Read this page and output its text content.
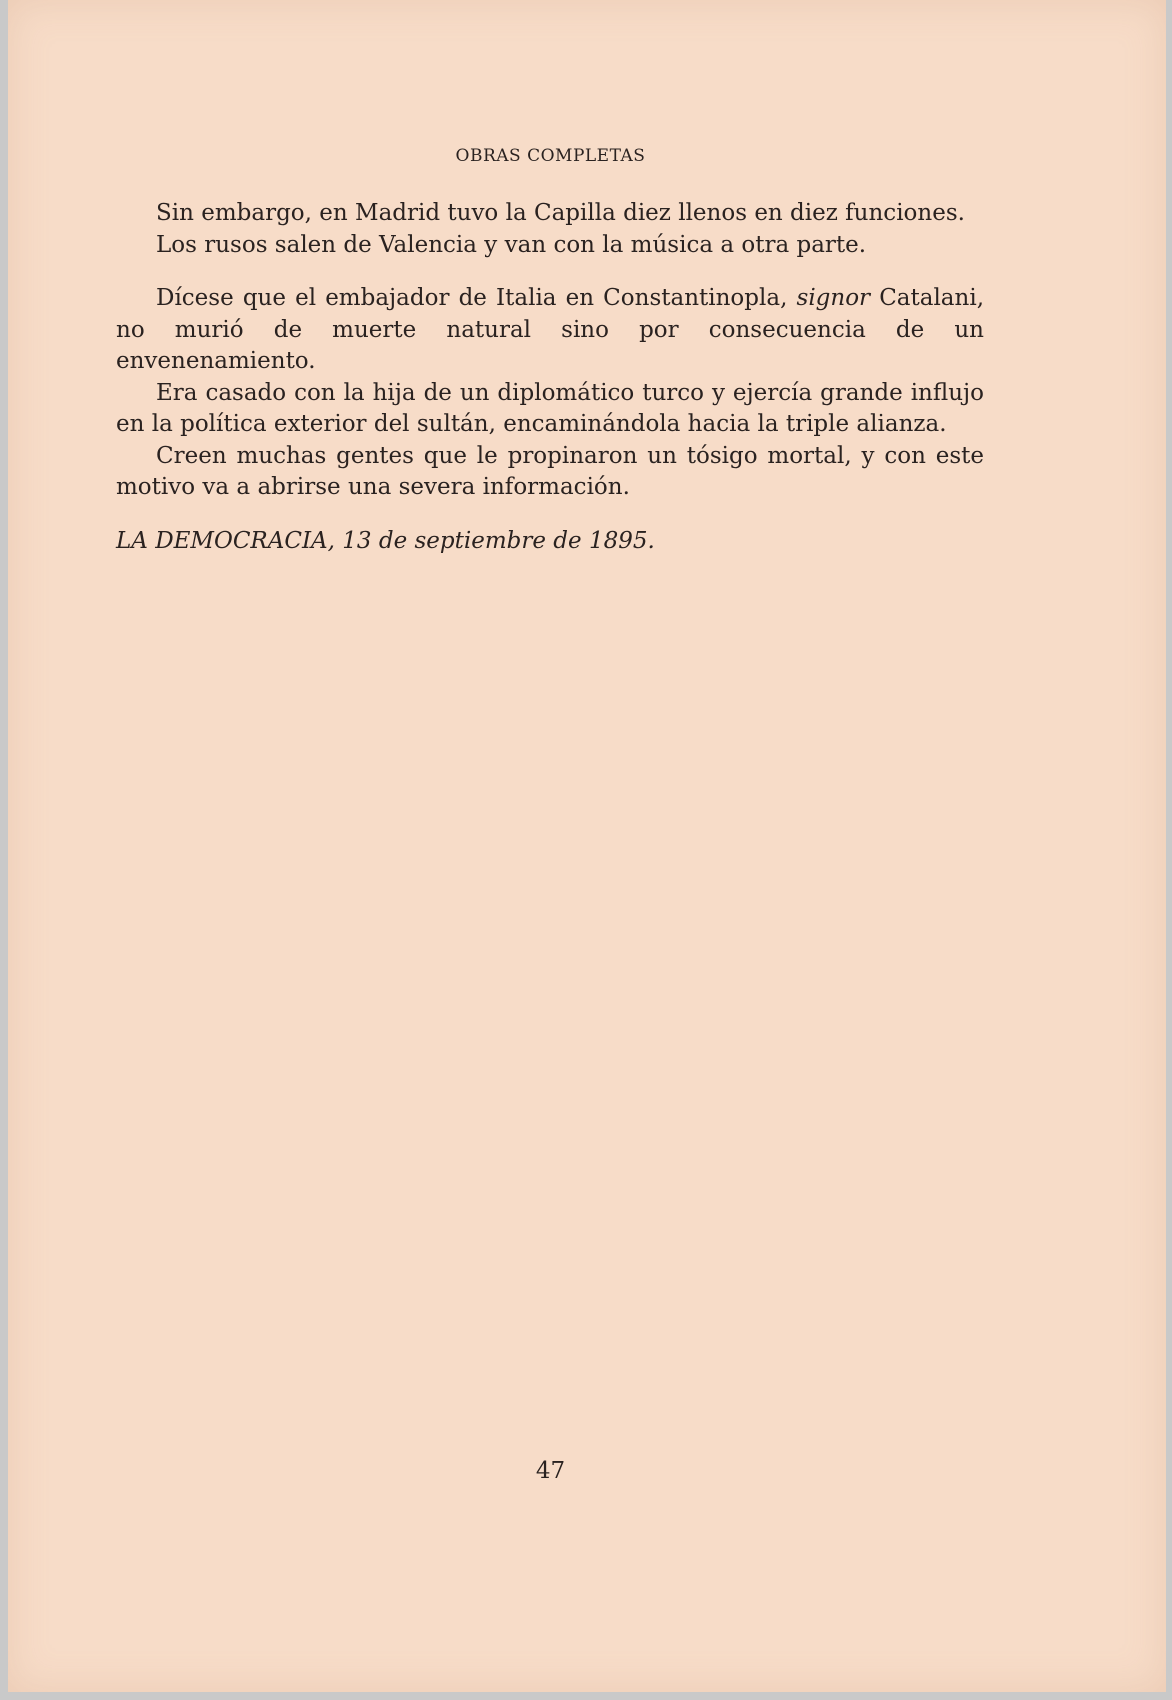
OBRAS COMPLETAS

Sin embargo, en Madrid tuvo la Capilla diez llenos en diez funciones.

Los rusos salen de Valencia y van con la música a otra parte.

Dícese que el embajador de Italia en Constantinopla, signor Catalani, no murió de muerte natural sino por consecuencia de un envenenamiento.

Era casado con la hija de un diplomático turco y ejercía grande influjo en la política exterior del sultán, encaminándola hacia la triple alianza.

Creen muchas gentes que le propinaron un tósigo mortal, y con este motivo va a abrirse una severa información.

LA DEMOCRACIA, 13 de septiembre de 1895.

47
